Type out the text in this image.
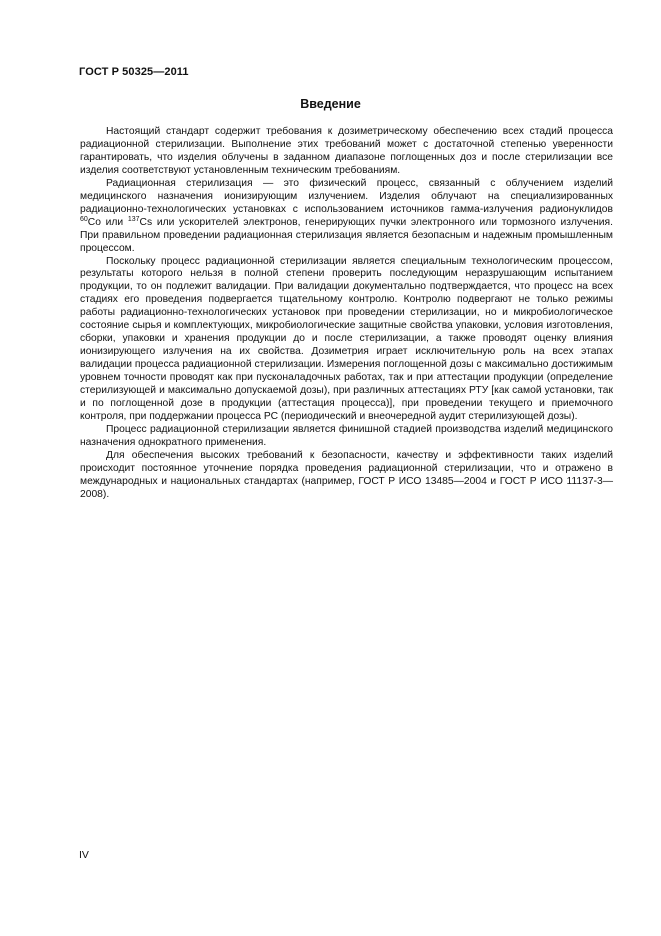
ГОСТ Р 50325—2011
Введение

Настоящий стандарт содержит требования к дозиметрическому обеспечению всех стадий процесса радиационной стерилизации. Выполнение этих требований может с достаточной степенью уверенности гарантировать, что изделия облучены в заданном диапазоне поглощенных доз и после стерилизации все изделия соответствуют установленным техническим требованиям.

Радиационная стерилизация — это физический процесс, связанный с облучением изделий медицинского назначения ионизирующим излучением. Изделия облучают на специализированных радиационно-технологических установках с использованием источников гамма-излучения радионуклидов $^{60}$Co или $^{137}$Cs или ускорителей электронов, генерирующих пучки электронного или тормозного излучения. При правильном проведении радиационная стерилизация является безопасным и надежным промышленным процессом.

Поскольку процесс радиационной стерилизации является специальным технологическим процессом, результаты которого нельзя в полной степени проверить последующим неразрушающим испытанием продукции, то он подлежит валидации. При валидации документально подтверждается, что процесс на всех стадиях его проведения подвергается тщательному контролю. Контролю подвергают не только режимы работы радиационно-технологических установок при проведении стерилизации, но и микробиологическое состояние сырья и комплектующих, микробиологические защитные свойства упаковки, условия изготовления, сборки, упаковки и хранения продукции до и после стерилизации, а также проводят оценку влияния ионизирующего излучения на их свойства. Дозиметрия играет исключительную роль на всех этапах валидации процесса радиационной стерилизации. Измерения поглощенной дозы с максимально достижимым уровнем точности проводят как при пусконаладочных работах, так и при аттестации продукции (определение стерилизующей и максимально допускаемой дозы), при различных аттестациях РТУ [как самой установки, так и по поглощенной дозе в продукции (аттестация процесса)], при проведении текущего и приемочного контроля, при поддержании процесса РС (периодический и внеочередной аудит стерилизующей дозы).

Процесс радиационной стерилизации является финишной стадией производства изделий медицинского назначения однократного применения.

Для обеспечения высоких требований к безопасности, качеству и эффективности таких изделий происходит постоянное уточнение порядка проведения радиационной стерилизации, что и отражено в международных и национальных стандартах (например, ГОСТ Р ИСО 13485—2004 и ГОСТ Р ИСО 11137-3—2008).

IV
